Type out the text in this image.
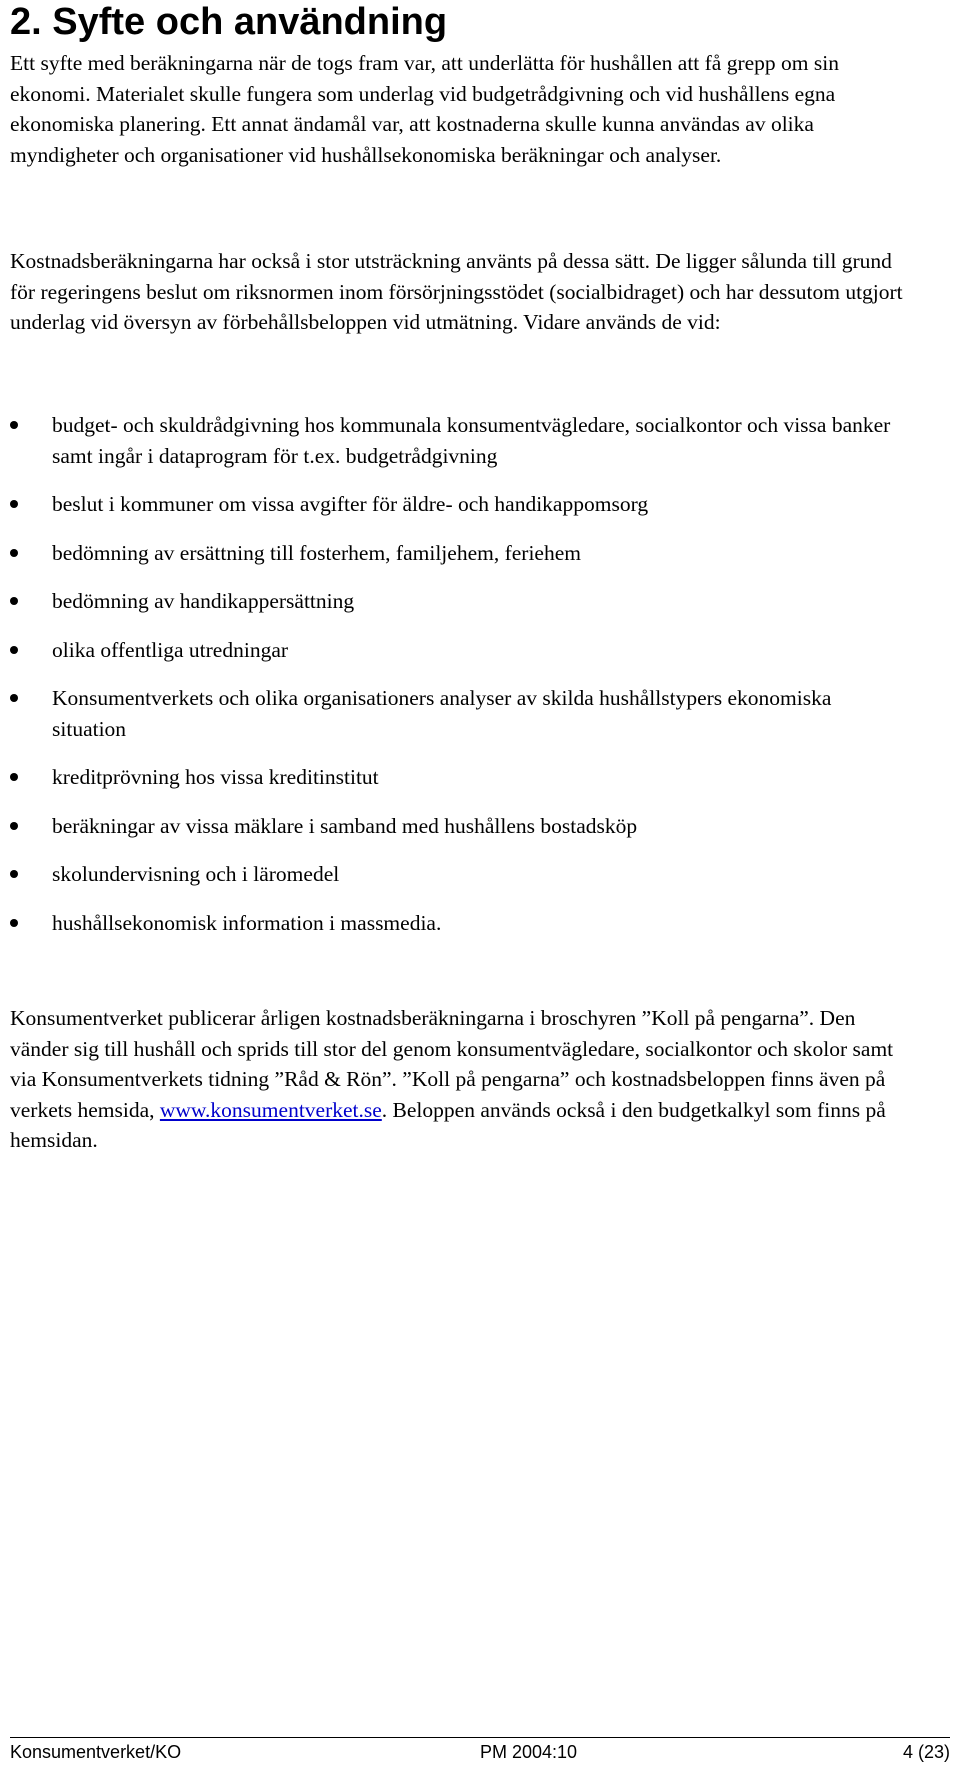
2. Syfte och användning

Ett syfte med beräkningarna när de togs fram var, att underlätta för hushållen att få grepp om sin ekonomi. Materialet skulle fungera som underlag vid budgetrådgivning och vid hushållens egna ekonomiska planering. Ett annat ändamål var, att kostnaderna skulle kunna användas av olika myndigheter och organisationer vid hushållsekonomiska beräkningar och analyser.

Kostnadsberäkningarna har också i stor utsträckning använts på dessa sätt. De ligger sålunda till grund för regeringens beslut om riksnormen inom försörjningsstödet (socialbidraget) och har dessutom utgjort underlag vid översyn av förbehållsbeloppen vid utmätning. Vidare används de vid:

budget- och skuldrådgivning hos kommunala konsumentvägledare, socialkontor och vissa banker samt ingår i dataprogram för t.ex. budgetrådgivning
beslut i kommuner om vissa avgifter för äldre- och handikappomsorg
bedömning av ersättning till fosterhem, familjehem, feriehem
bedömning av handikappersättning
olika offentliga utredningar
Konsumentverkets och olika organisationers analyser av skilda hushållstypers ekonomiska situation
kreditprövning hos vissa kreditinstitut
beräkningar av vissa mäklare i samband med hushållens bostadsköp
skolundervisning och i läromedel
hushållsekonomisk information i massmedia.

Konsumentverket publicerar årligen kostnadsberäkningarna i broschyren ”Koll på pengarna”. Den vänder sig till hushåll och sprids till stor del genom konsumentvägledare, socialkontor och skolor samt via Konsumentverkets tidning ”Råd & Rön”. ”Koll på pengarna” och kostnadsbeloppen finns även på verkets hemsida, www.konsumentverket.se. Beloppen används också i den budgetkalkyl som finns på hemsidan.

Konsumentverket/KO	PM 2004:10	4 (23)
